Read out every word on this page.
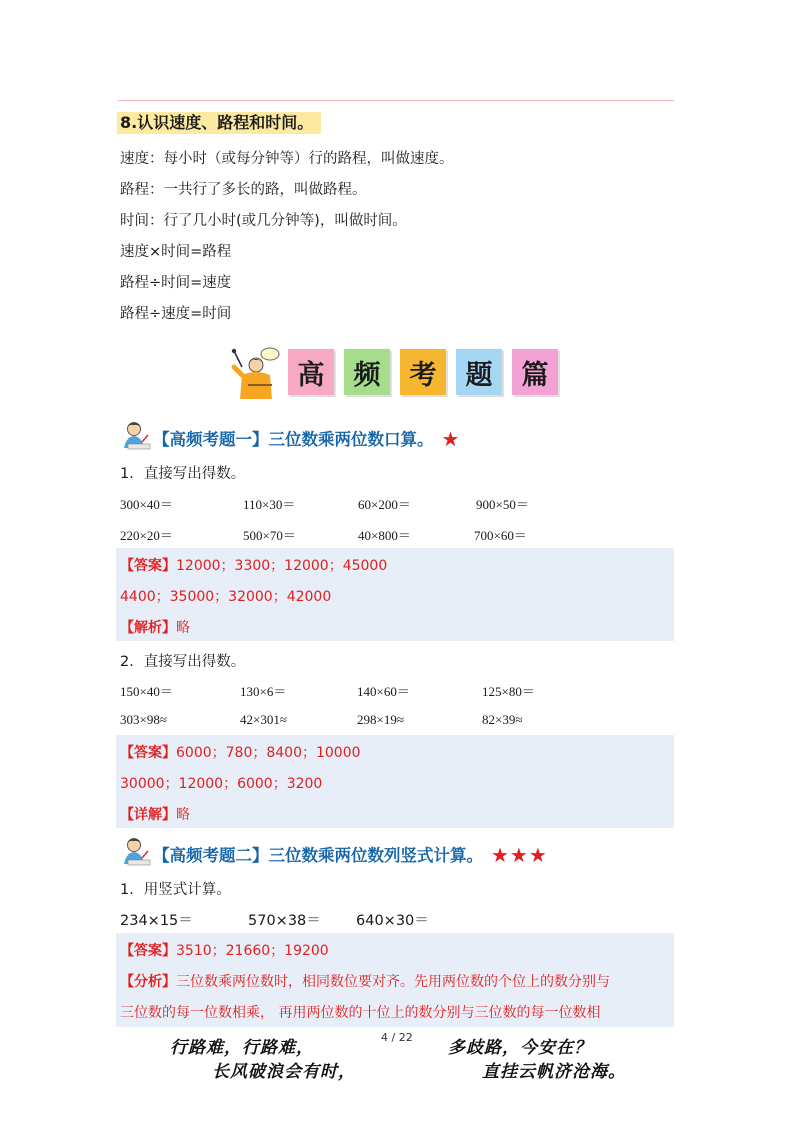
8.认识速度、路程和时间。
速度：每小时（或每分钟等）行的路程，叫做速度。
路程：一共行了多长的路，叫做路程。
时间：行了几小时(或几分钟等)，叫做时间。
速度×时间=路程
路程÷时间=速度
路程÷速度=时间
高	频	考	题	篇
【高频考题一】三位数乘两位数口算。 ★
1．直接写出得数。
300×40＝	110×30＝	60×200＝	900×50＝
220×20＝	500×70＝	40×800＝	700×60＝
【答案】12000；3300；12000；45000
4400；35000；32000；42000
【解析】略
2．直接写出得数。
150×40＝	130×6＝	140×60＝	125×80＝
303×98≈	42×301≈	298×19≈	82×39≈
【答案】6000；780；8400；10000
30000；12000；6000；3200
【详解】略
【高频考题二】三位数乘两位数列竖式计算。 ★★★
1．用竖式计算。
234×15＝	570×38＝ 640×30＝
【答案】3510；21660；19200
【分析】三位数乘两位数时，相同数位要对齐。先用两位数的个位上的数分别与
三位数的每一位数相乘， 再用两位数的十位上的数分别与三位数的每一位数相
4 / 22
行路难，行路难，	多歧路，今安在？
长风破浪会有时，	直挂云帆济沧海。
